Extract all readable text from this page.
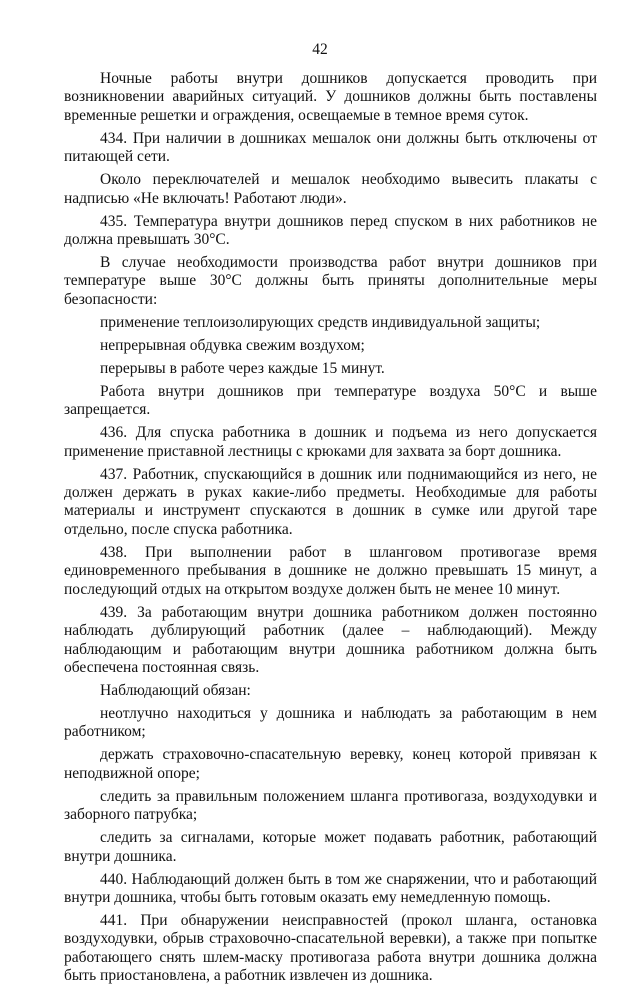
42

Ночные работы внутри дошников допускается проводить при возникновении аварийных ситуаций. У дошников должны быть поставлены временные решетки и ограждения, освещаемые в темное время суток.

434. При наличии в дошниках мешалок они должны быть отключены от питающей сети.

Около переключателей и мешалок необходимо вывесить плакаты с надписью «Не включать! Работают люди».

435. Температура внутри дошников перед спуском в них работников не должна превышать 30°C.

В случае необходимости производства работ внутри дошников при температуре выше 30°C должны быть приняты дополнительные меры безопасности:

применение теплоизолирующих средств индивидуальной защиты;

непрерывная обдувка свежим воздухом;

перерывы в работе через каждые 15 минут.

Работа внутри дошников при температуре воздуха 50°C и выше запрещается.

436. Для спуска работника в дошник и подъема из него допускается применение приставной лестницы с крюками для захвата за борт дошника.

437. Работник, спускающийся в дошник или поднимающийся из него, не должен держать в руках какие-либо предметы. Необходимые для работы материалы и инструмент спускаются в дошник в сумке или другой таре отдельно, после спуска работника.

438. При выполнении работ в шланговом противогазе время единовременного пребывания в дошнике не должно превышать 15 минут, а последующий отдых на открытом воздухе должен быть не менее 10 минут.

439. За работающим внутри дошника работником должен постоянно наблюдать дублирующий работник (далее – наблюдающий). Между наблюдающим и работающим внутри дошника работником должна быть обеспечена постоянная связь.

Наблюдающий обязан:

неотлучно находиться у дошника и наблюдать за работающим в нем работником;

держать страховочно-спасательную веревку, конец которой привязан к неподвижной опоре;

следить за правильным положением шланга противогаза, воздуходувки и заборного патрубка;

следить за сигналами, которые может подавать работник, работающий внутри дошника.

440. Наблюдающий должен быть в том же снаряжении, что и работающий внутри дошника, чтобы быть готовым оказать ему немедленную помощь.

441. При обнаружении неисправностей (прокол шланга, остановка воздуходувки, обрыв страховочно-спасательной веревки), а также при попытке работающего снять шлем-маску противогаза работа внутри дошника должна быть приостановлена, а работник извлечен из дошника.
